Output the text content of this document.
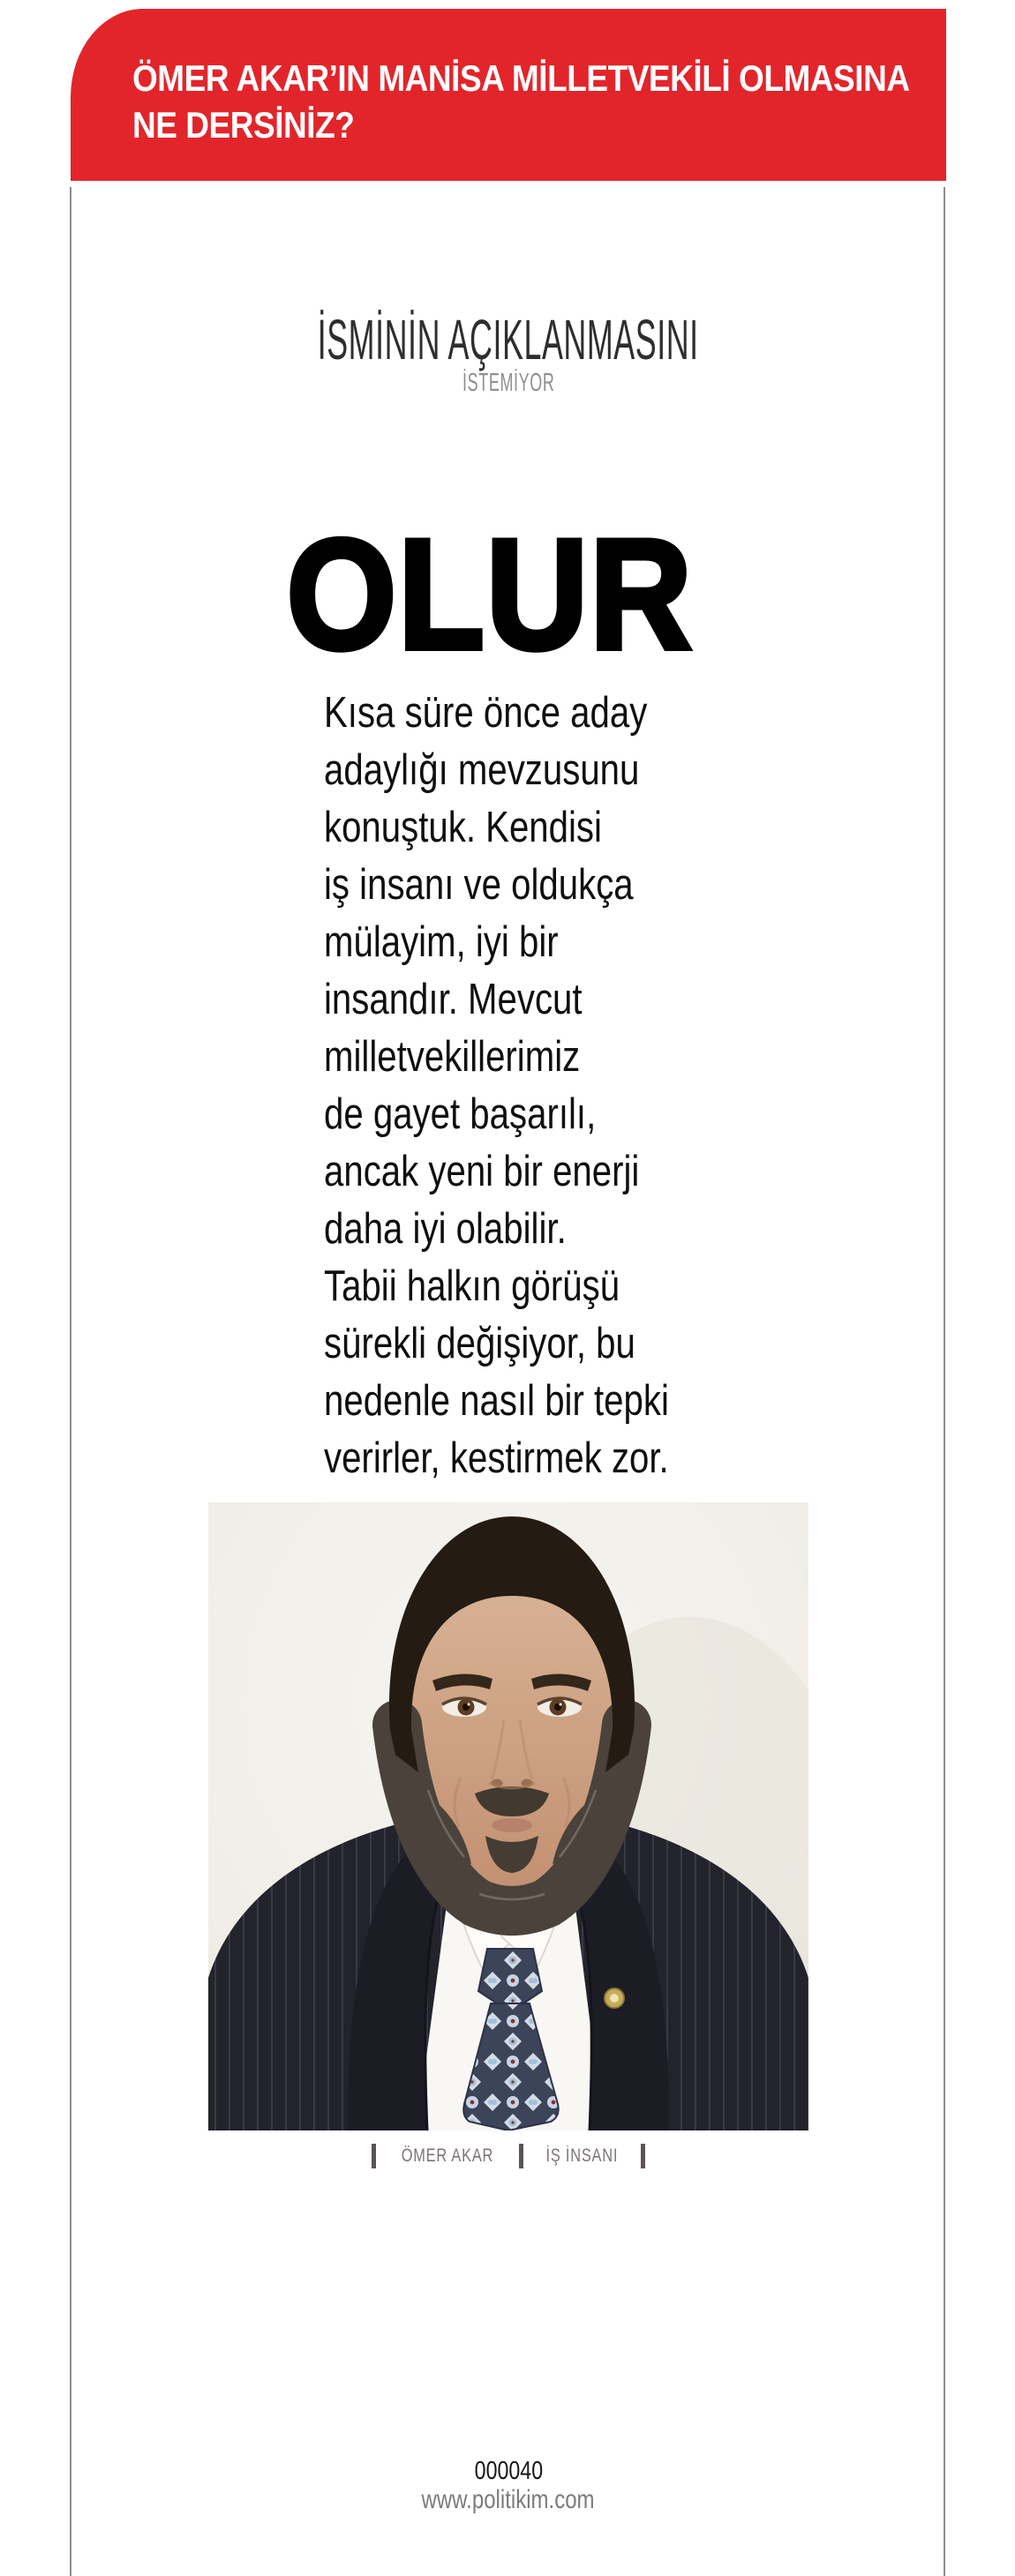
ÖMER AKAR’IN MANİSA MİLLETVEKİLİ OLMASINA
NE DERSİNİZ?
İSMİNİN AÇIKLANMASINI
İSTEMİYOR
OLUR
Kısa süre önce aday
adaylığı mevzusunu
konuştuk. Kendisi
iş insanı ve oldukça
mülayim, iyi bir
insandır. Mevcut
milletvekillerimiz
de gayet başarılı,
ancak yeni bir enerji
daha iyi olabilir.
Tabii halkın görüşü
sürekli değişiyor, bu
nedenle nasıl bir tepki
verirler, kestirmek zor.
ÖMER AKAR	İŞ İNSANI
000040
www.politikim.com
